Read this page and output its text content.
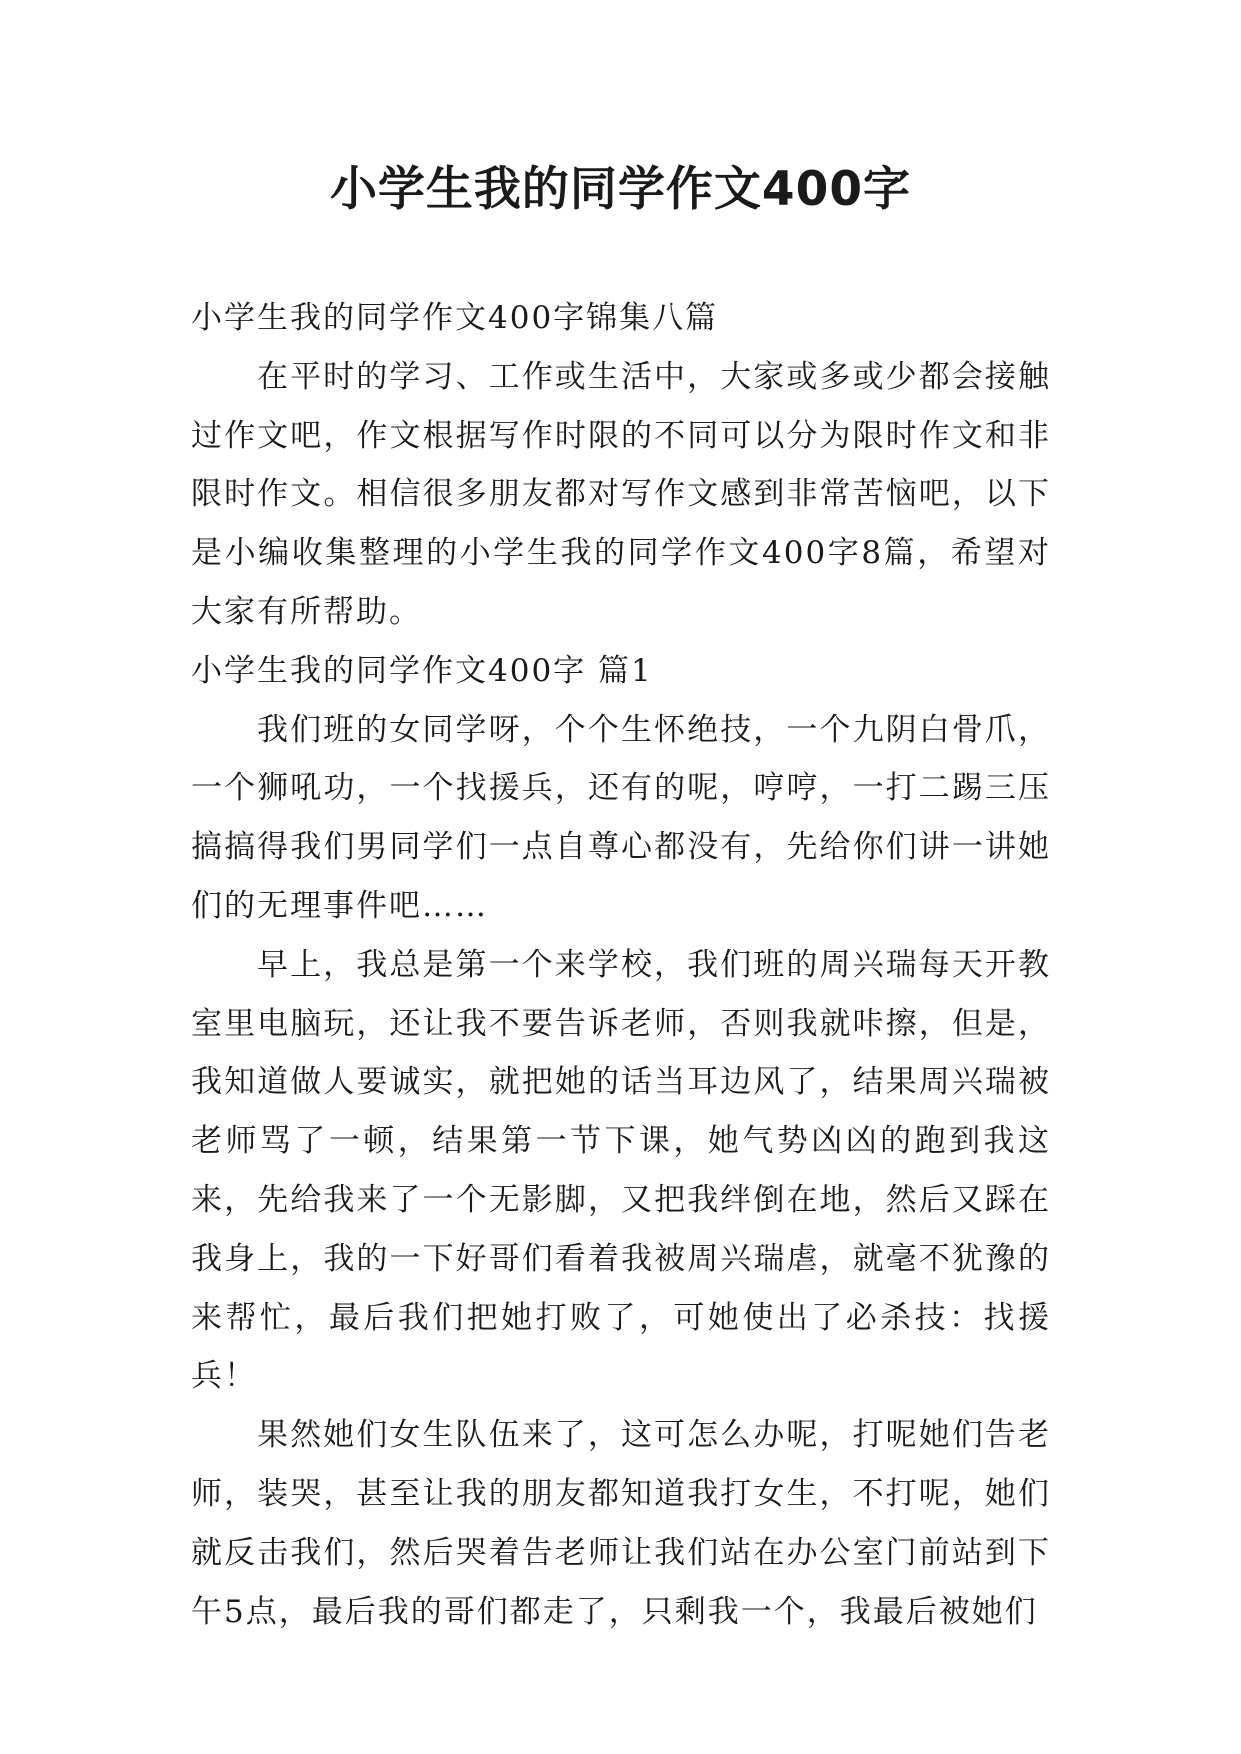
小学生我的同学作文400字

小学生我的同学作文400字锦集八篇

在平时的学习、工作或生活中，大家或多或少都会接触过作文吧，作文根据写作时限的不同可以分为限时作文和非限时作文。相信很多朋友都对写作文感到非常苦恼吧，以下是小编收集整理的小学生我的同学作文400字8篇，希望对大家有所帮助。

小学生我的同学作文400字 篇1

我们班的女同学呀，个个生怀绝技，一个九阴白骨爪，一个狮吼功，一个找援兵，还有的呢，哼哼，一打二踢三压搞搞得我们男同学们一点自尊心都没有，先给你们讲一讲她们的无理事件吧……

早上，我总是第一个来学校，我们班的周兴瑞每天开教室里电脑玩，还让我不要告诉老师，否则我就咔擦，但是，我知道做人要诚实，就把她的话当耳边风了，结果周兴瑞被老师骂了一顿，结果第一节下课，她气势凶凶的跑到我这来，先给我来了一个无影脚，又把我绊倒在地，然后又踩在我身上，我的一下好哥们看着我被周兴瑞虐，就毫不犹豫的来帮忙，最后我们把她打败了，可她使出了必杀技：找援兵！

果然她们女生队伍来了，这可怎么办呢，打呢她们告老师，装哭，甚至让我的朋友都知道我打女生，不打呢，她们就反击我们，然后哭着告老师让我们站在办公室门前站到下午5点，最后我的哥们都走了，只剩我一个，我最后被她们
